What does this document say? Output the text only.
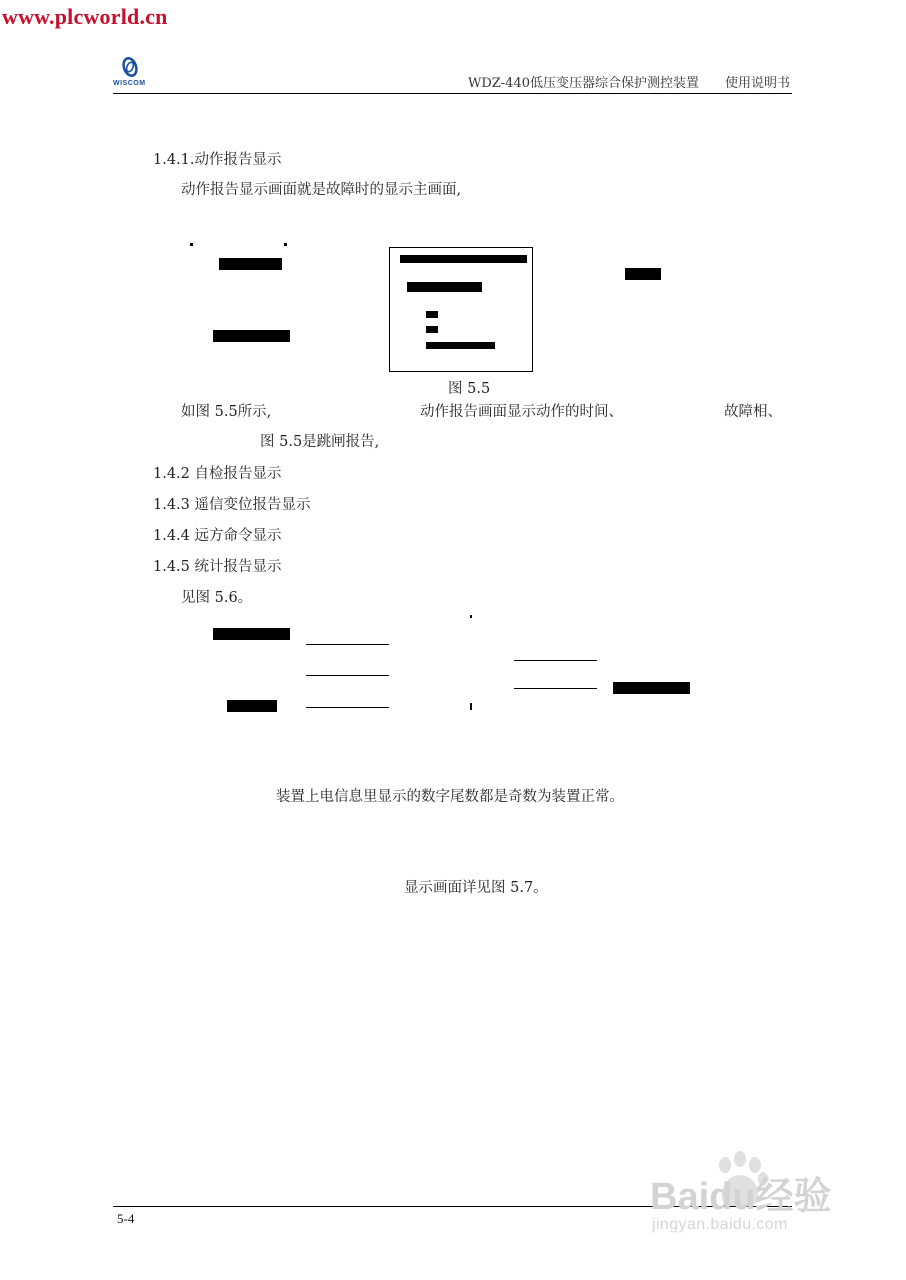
www.plcworld.cn
WISCOM	WDZ-440低压变压器综合保护测控装置　　使用说明书
1.4.1.动作报告显示
动作报告显示画面就是故障时的显示主画面,
图 5.5
如图 5.5所示,	动作报告画面显示动作的时间、	故障相、
图 5.5是跳闸报告,
1.4.2 自检报告显示
1.4.3 遥信变位报告显示
1.4.4 远方命令显示
1.4.5 统计报告显示
见图 5.6。
装置上电信息里显示的数字尾数都是奇数为装置正常。
显示画面详见图 5.7。
5-4
Baidu经验
jingyan.baidu.com
